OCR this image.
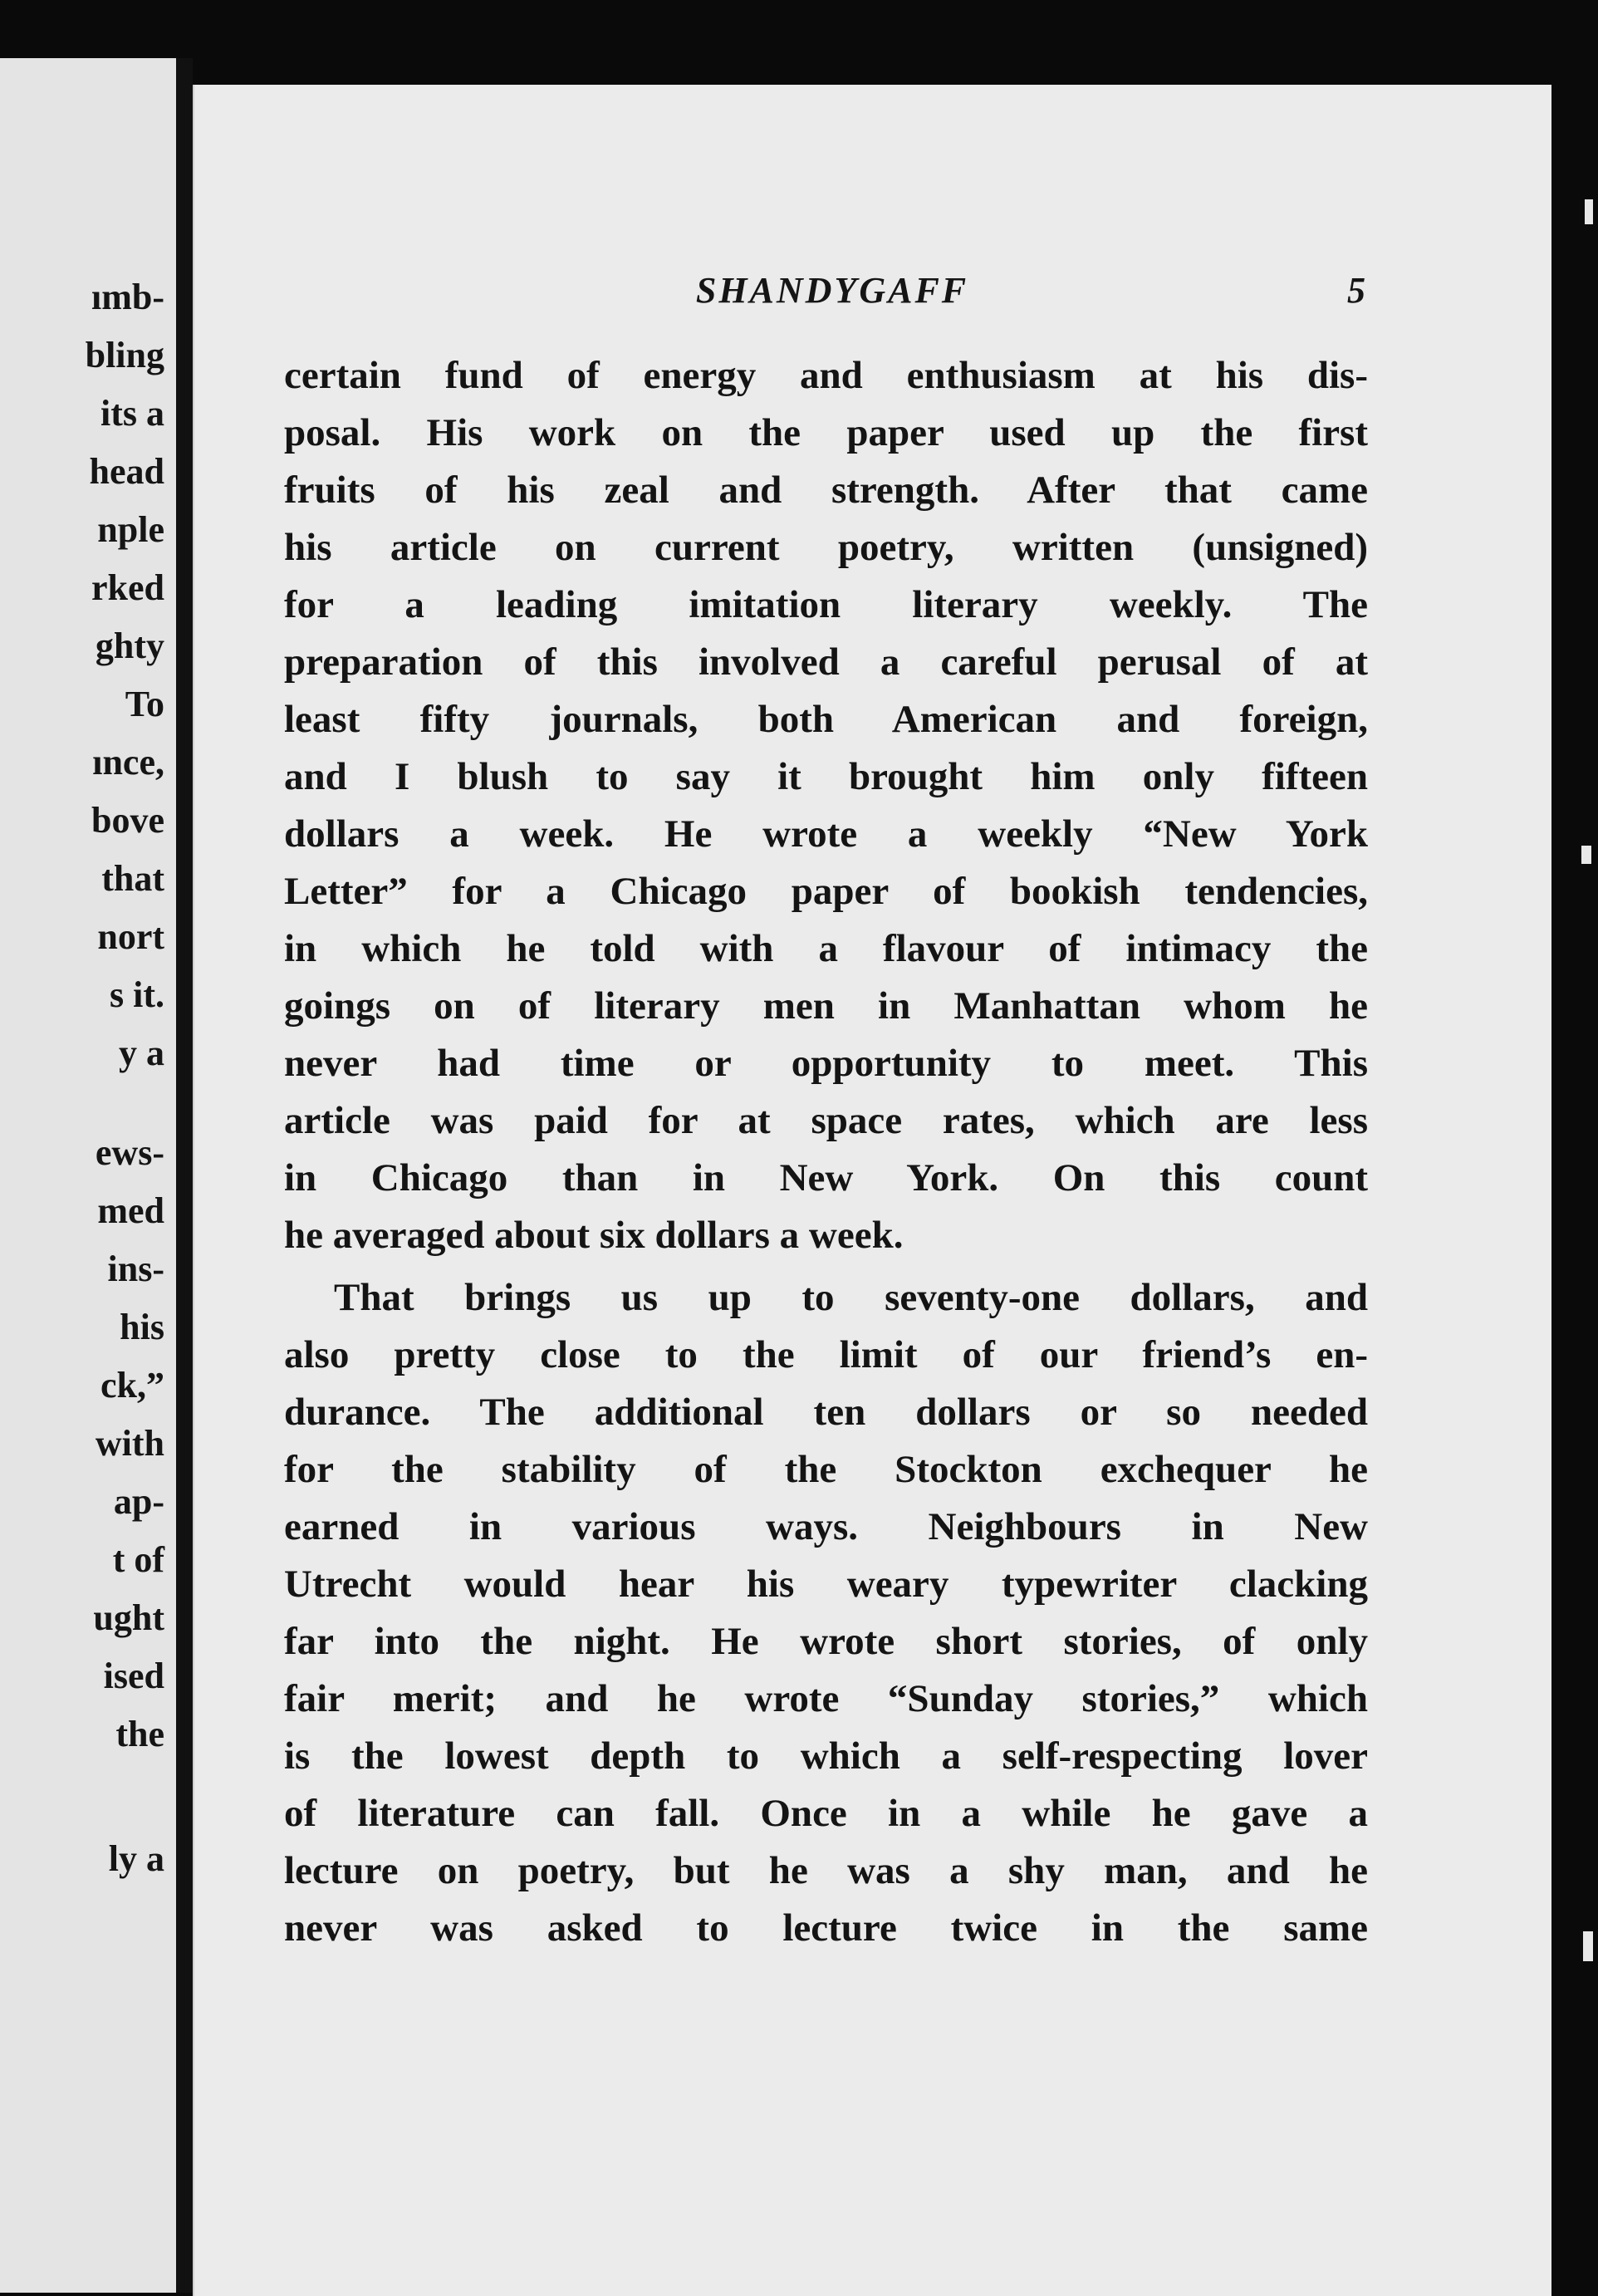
ımb-
bling
its a
head
nple
rked
ghty
To
ınce,
bove
that
nort
s it.
y a
ews-
med
ins-
his
ck,”
with
ap-
t of
ught
ised
the
ly a
SHANDYGAFF	5
certain fund of energy and enthusiasm at his dis-
posal. His work on the paper used up the first
fruits of his zeal and strength. After that came
his article on current poetry, written (unsigned)
for a leading imitation literary weekly. The
preparation of this involved a careful perusal of at
least fifty journals, both American and foreign,
and I blush to say it brought him only fifteen
dollars a week. He wrote a weekly “New York
Letter” for a Chicago paper of bookish tendencies,
in which he told with a flavour of intimacy the
goings on of literary men in Manhattan whom he
never had time or opportunity to meet. This
article was paid for at space rates, which are less
in Chicago than in New York. On this count
he averaged about six dollars a week.
That brings us up to seventy-one dollars, and
also pretty close to the limit of our friend’s en-
durance. The additional ten dollars or so needed
for the stability of the Stockton exchequer he
earned in various ways. Neighbours in New
Utrecht would hear his weary typewriter clacking
far into the night. He wrote short stories, of only
fair merit; and he wrote “Sunday stories,” which
is the lowest depth to which a self-respecting lover
of literature can fall. Once in a while he gave a
lecture on poetry, but he was a shy man, and he
never was asked to lecture twice in the same
